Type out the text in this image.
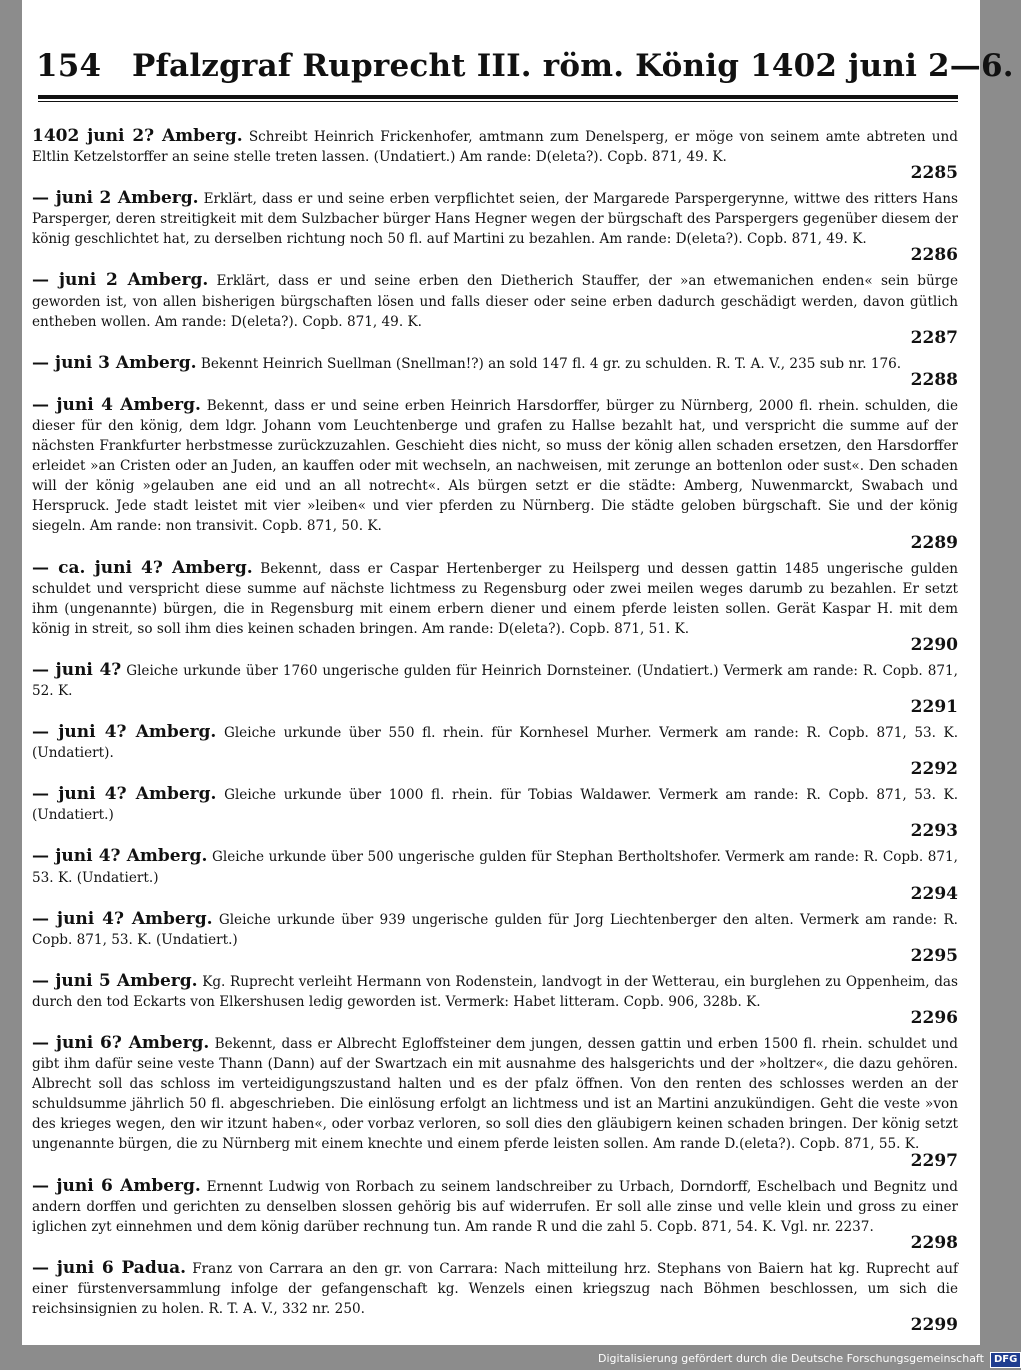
154 Pfalzgraf Ruprecht III. röm. König 1402 juni 2—6.
1402 juni 2? Amberg. Schreibt Heinrich Frickenhofer, amtmann zum Denelsperg, er möge von seinem amte abtreten und Eltlin Ketzelstorffer an seine stelle treten lassen. (Undatiert.) Am rande: D(eleta?). Copb. 871, 49. K.
2285
— juni 2 Amberg. Erklärt, dass er und seine erben verpflichtet seien, der Margarede Parspergerynne, wittwe des ritters Hans Parsperger, deren streitigkeit mit dem Sulzbacher bürger Hans Hegner wegen der bürgschaft des Parspergers gegenüber diesem der könig geschlichtet hat, zu derselben richtung noch 50 fl. auf Martini zu bezahlen. Am rande: D(eleta?). Copb. 871, 49. K.
2286
— juni 2 Amberg. Erklärt, dass er und seine erben den Dietherich Stauffer, der »an etwemanichen enden« sein bürge geworden ist, von allen bisherigen bürgschaften lösen und falls dieser oder seine erben dadurch geschädigt werden, davon gütlich entheben wollen. Am rande: D(eleta?). Copb. 871, 49. K.
2287
— juni 3 Amberg. Bekennt Heinrich Suellman (Snellman!?) an sold 147 fl. 4 gr. zu schulden. R. T. A. V., 235 sub nr. 176.
2288
— juni 4 Amberg. Bekennt, dass er und seine erben Heinrich Harsdorffer, bürger zu Nürnberg, 2000 fl. rhein. schulden, die dieser für den könig, dem ldgr. Johann vom Leuchtenberge und grafen zu Hallse bezahlt hat, und verspricht die summe auf der nächsten Frankfurter herbstmesse zurückzuzahlen. Geschieht dies nicht, so muss der könig allen schaden ersetzen, den Harsdorffer erleidet »an Cristen oder an Juden, an kauffen oder mit wechseln, an nachweisen, mit zerunge an bottenlon oder sust«. Den schaden will der könig »gelauben ane eid und an all notrecht«. Als bürgen setzt er die städte: Amberg, Nuwenmarckt, Swabach und Herspruck. Jede stadt leistet mit vier »leiben« und vier pferden zu Nürnberg. Die städte geloben bürgschaft. Sie und der könig siegeln. Am rande: non transivit. Copb. 871, 50. K.
2289
— ca. juni 4? Amberg. Bekennt, dass er Caspar Hertenberger zu Heilsperg und dessen gattin 1485 ungerische gulden schuldet und verspricht diese summe auf nächste lichtmess zu Regensburg oder zwei meilen weges darumb zu bezahlen. Er setzt ihm (ungenannte) bürgen, die in Regensburg mit einem erbern diener und einem pferde leisten sollen. Gerät Kaspar H. mit dem könig in streit, so soll ihm dies keinen schaden bringen. Am rande: D(eleta?). Copb. 871, 51. K.
2290
— juni 4? Gleiche urkunde über 1760 ungerische gulden für Heinrich Dornsteiner. (Undatiert.) Vermerk am rande: R. Copb. 871, 52. K.
2291
— juni 4? Amberg. Gleiche urkunde über 550 fl. rhein. für Kornhesel Murher. Vermerk am rande: R. Copb. 871, 53. K. (Undatiert).
2292
— juni 4? Amberg. Gleiche urkunde über 1000 fl. rhein. für Tobias Waldawer. Vermerk am rande: R. Copb. 871, 53. K. (Undatiert.)
2293
— juni 4? Amberg. Gleiche urkunde über 500 ungerische gulden für Stephan Bertholtshofer. Vermerk am rande: R. Copb. 871, 53. K. (Undatiert.)
2294
— juni 4? Amberg. Gleiche urkunde über 939 ungerische gulden für Jorg Liechtenberger den alten. Vermerk am rande: R. Copb. 871, 53. K. (Undatiert.)
2295
— juni 5 Amberg. Kg. Ruprecht verleiht Hermann von Rodenstein, landvogt in der Wetterau, ein burglehen zu Oppenheim, das durch den tod Eckarts von Elkershusen ledig geworden ist. Vermerk: Habet litteram. Copb. 906, 328b. K.
2296
— juni 6? Amberg. Bekennt, dass er Albrecht Egloffsteiner dem jungen, dessen gattin und erben 1500 fl. rhein. schuldet und gibt ihm dafür seine veste Thann (Dann) auf der Swartzach ein mit ausnahme des halsgerichts und der »holtzer«, die dazu gehören. Albrecht soll das schloss im verteidigungszustand halten und es der pfalz öffnen. Von den renten des schlosses werden an der schuldsumme jährlich 50 fl. abgeschrieben. Die einlösung erfolgt an lichtmess und ist an Martini anzukündigen. Geht die veste »von des krieges wegen, den wir itzunt haben«, oder vorbaz verloren, so soll dies den gläubigern keinen schaden bringen. Der könig setzt ungenannte bürgen, die zu Nürnberg mit einem knechte und einem pferde leisten sollen. Am rande D.(eleta?). Copb. 871, 55. K.
2297
— juni 6 Amberg. Ernennt Ludwig von Rorbach zu seinem landschreiber zu Urbach, Dorndorff, Eschelbach und Begnitz und andern dorffen und gerichten zu denselben slossen gehörig bis auf widerrufen. Er soll alle zinse und velle klein und gross zu einer iglichen zyt einnehmen und dem könig darüber rechnung tun. Am rande R und die zahl 5. Copb. 871, 54. K. Vgl. nr. 2237.
2298
— juni 6 Padua. Franz von Carrara an den gr. von Carrara: Nach mitteilung hrz. Stephans von Baiern hat kg. Ruprecht auf einer fürstenversammlung infolge der gefangenschaft kg. Wenzels einen kriegszug nach Böhmen beschlossen, um sich die reichsinsignien zu holen. R. T. A. V., 332 nr. 250.
2299
Digitalisierung gefördert durch die Deutsche Forschungsgemeinschaft DFG
